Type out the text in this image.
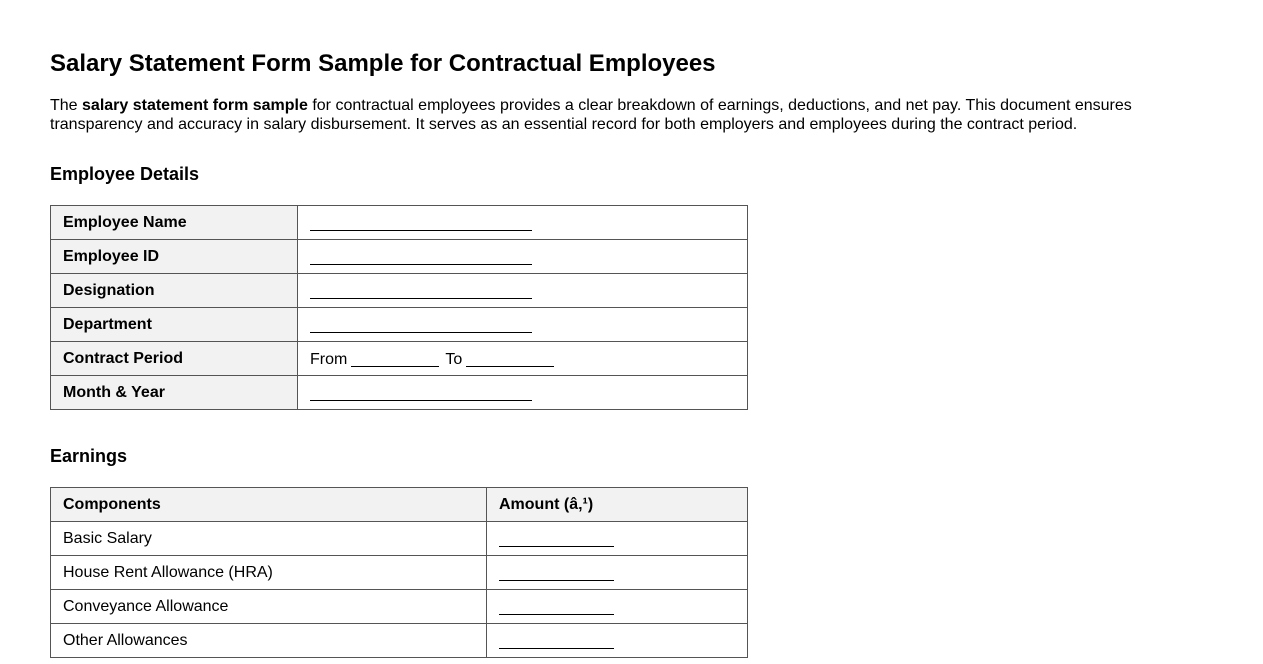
Salary Statement Form Sample for Contractual Employees

The salary statement form sample for contractual employees provides a clear breakdown of earnings, deductions, and net pay. This document ensures transparency and accuracy in salary disbursement. It serves as an essential record for both employers and employees during the contract period.

Employee Details
Employee Name	
Employee ID	
Designation	
Department	
Contract Period	From To
Month & Year	
Earnings
Components	Amount (â‚¹)
Basic Salary	
House Rent Allowance (HRA)	
Conveyance Allowance	
Other Allowances	
